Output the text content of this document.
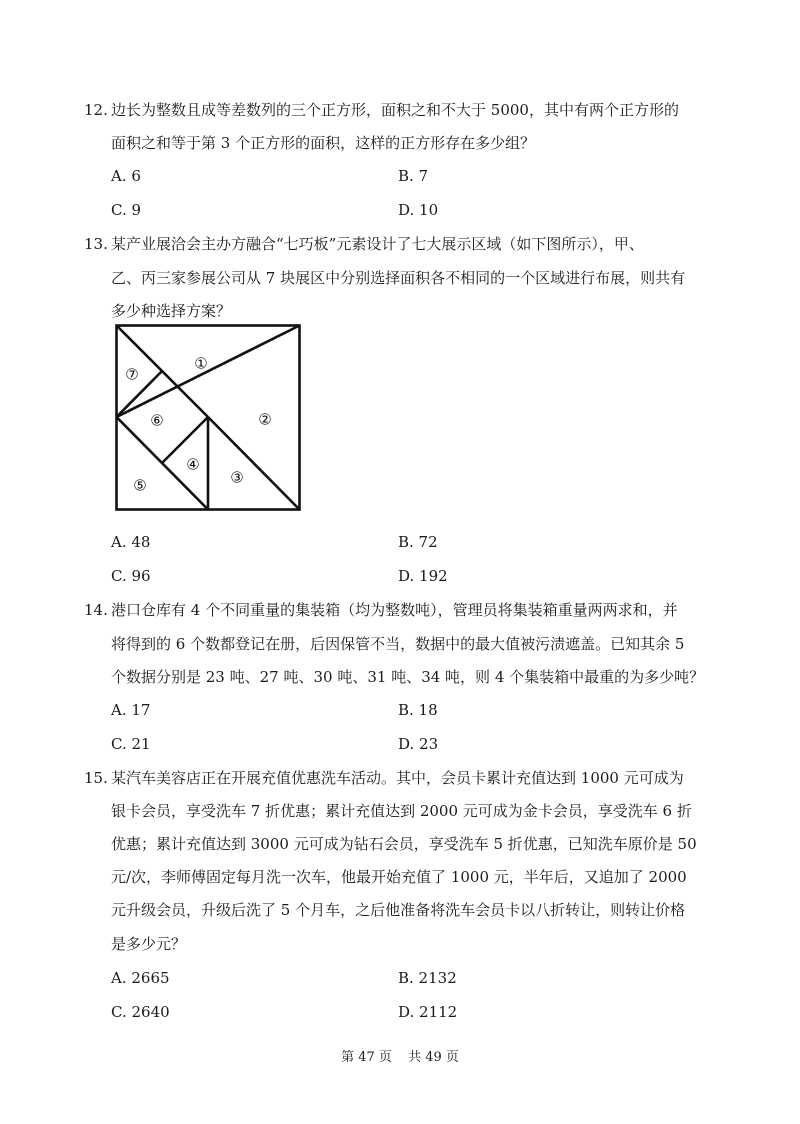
12. 边长为整数且成等差数列的三个正方形，面积之和不大于 5000，其中有两个正方形的
面积之和等于第 3 个正方形的面积，这样的正方形存在多少组？
A. 6	B. 7
C. 9	D. 10
13. 某产业展洽会主办方融合“七巧板”元素设计了七大展示区域（如下图所示），甲、
乙、丙三家参展公司从 7 块展区中分别选择面积各不相同的一个区域进行布展，则共有
多少种选择方案？
①
②
③
④
⑤
⑥
⑦
A. 48	B. 72
C. 96	D. 192
14. 港口仓库有 4 个不同重量的集装箱（均为整数吨），管理员将集装箱重量两两求和，并
将得到的 6 个数都登记在册，后因保管不当，数据中的最大值被污渍遮盖。已知其余 5
个数据分别是 23 吨、27 吨、30 吨、31 吨、34 吨，则 4 个集装箱中最重的为多少吨？
A. 17	B. 18
C. 21	D. 23
15. 某汽车美容店正在开展充值优惠洗车活动。其中，会员卡累计充值达到 1000 元可成为
银卡会员，享受洗车 7 折优惠；累计充值达到 2000 元可成为金卡会员，享受洗车 6 折
优惠；累计充值达到 3000 元可成为钻石会员，享受洗车 5 折优惠，已知洗车原价是 50
元/次，李师傅固定每月洗一次车，他最开始充值了 1000 元，半年后，又追加了 2000
元升级会员，升级后洗了 5 个月车，之后他准备将洗车会员卡以八折转让，则转让价格
是多少元？
A. 2665	B. 2132
C. 2640	D. 2112
第 47 页 共 49 页
